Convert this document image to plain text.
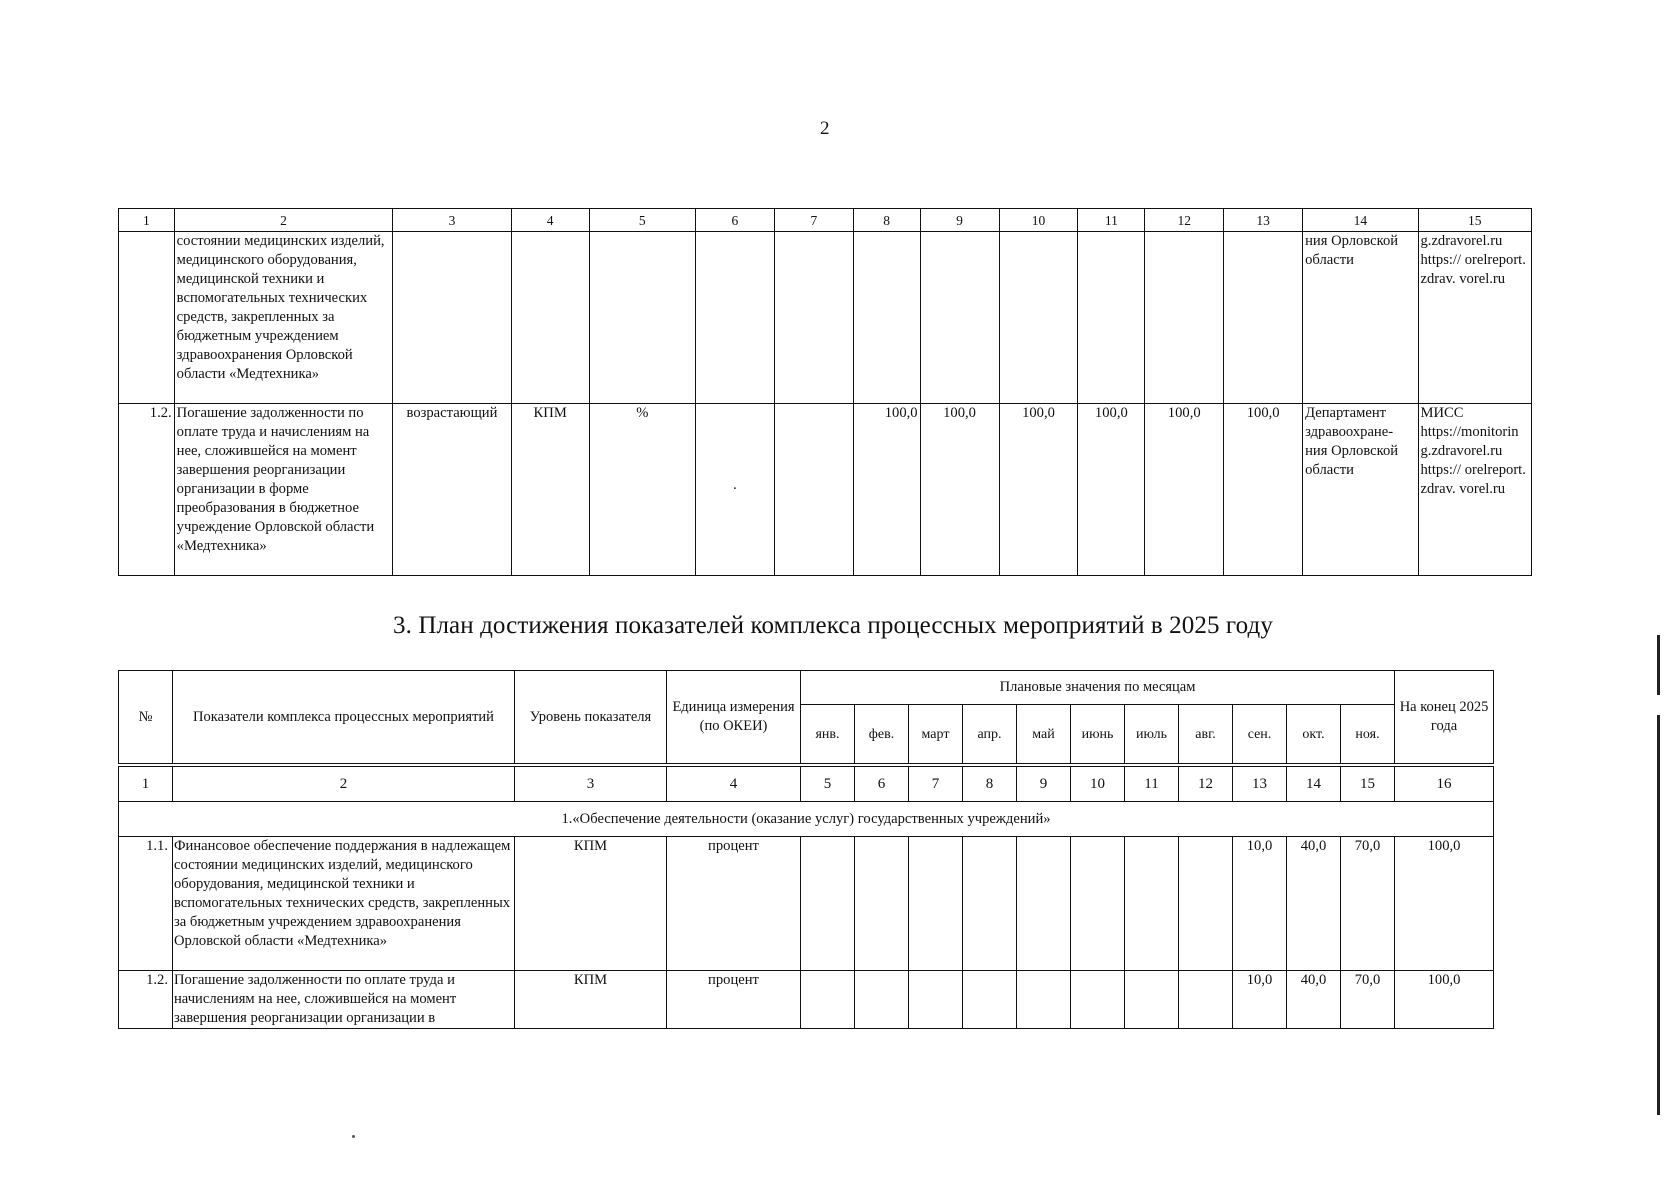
2
1	2	3	4	5	6	7	8	9	10	11	12	13	14	15
	состоянии медицинских изделий, медицинского оборудования, медицинской техники и вспомогательных технических средств, закрепленных за бюджетным учреждением здравоохранения Орловской области «Медтехника»												ния Орловской области	g.zdravorel.ru https:// orelreport. zdrav. vorel.ru
1.2.	Погашение задолженности по оплате труда и начислениям на нее, сложившейся на момент завершения реорганизации организации в форме преобразования в бюджетное учреждение Орловской области «Медтехника»	возрастающий	КПМ	%	·		100,0	100,0	100,0	100,0	100,0	100,0	Департамент здравоохране- ния Орловской области	МИСС https://monitorin g.zdravorel.ru https:// orelreport. zdrav. vorel.ru
3. План достижения показателей комплекса процессных мероприятий в 2025 году
№	Показатели комплекса процессных мероприятий	Уровень показателя	Единица измерения (по ОКЕИ)	Плановые значения по месяцам											На конец 2025 года
				янв.	фев.	март	апр.	май	июнь	июль	авг.	сен.	окт.	ноя.	
1	2	3	4	5	6	7	8	9	10	11	12	13	14	15	16
1.«Обеспечение деятельности (оказание услуг) государственных учреждений»															
1.1.	Финансовое обеспечение поддержания в надлежащем состоянии медицинских изделий, медицинского оборудования, медицинской техники и вспомогательных технических средств, закрепленных за бюджетным учреждением здравоохранения Орловской области «Медтехника»	КПМ	процент									10,0	40,0	70,0	100,0
1.2.	Погашение задолженности по оплате труда и начислениям на нее, сложившейся на момент завершения реорганизации организации в	КПМ	процент									10,0	40,0	70,0	100,0
